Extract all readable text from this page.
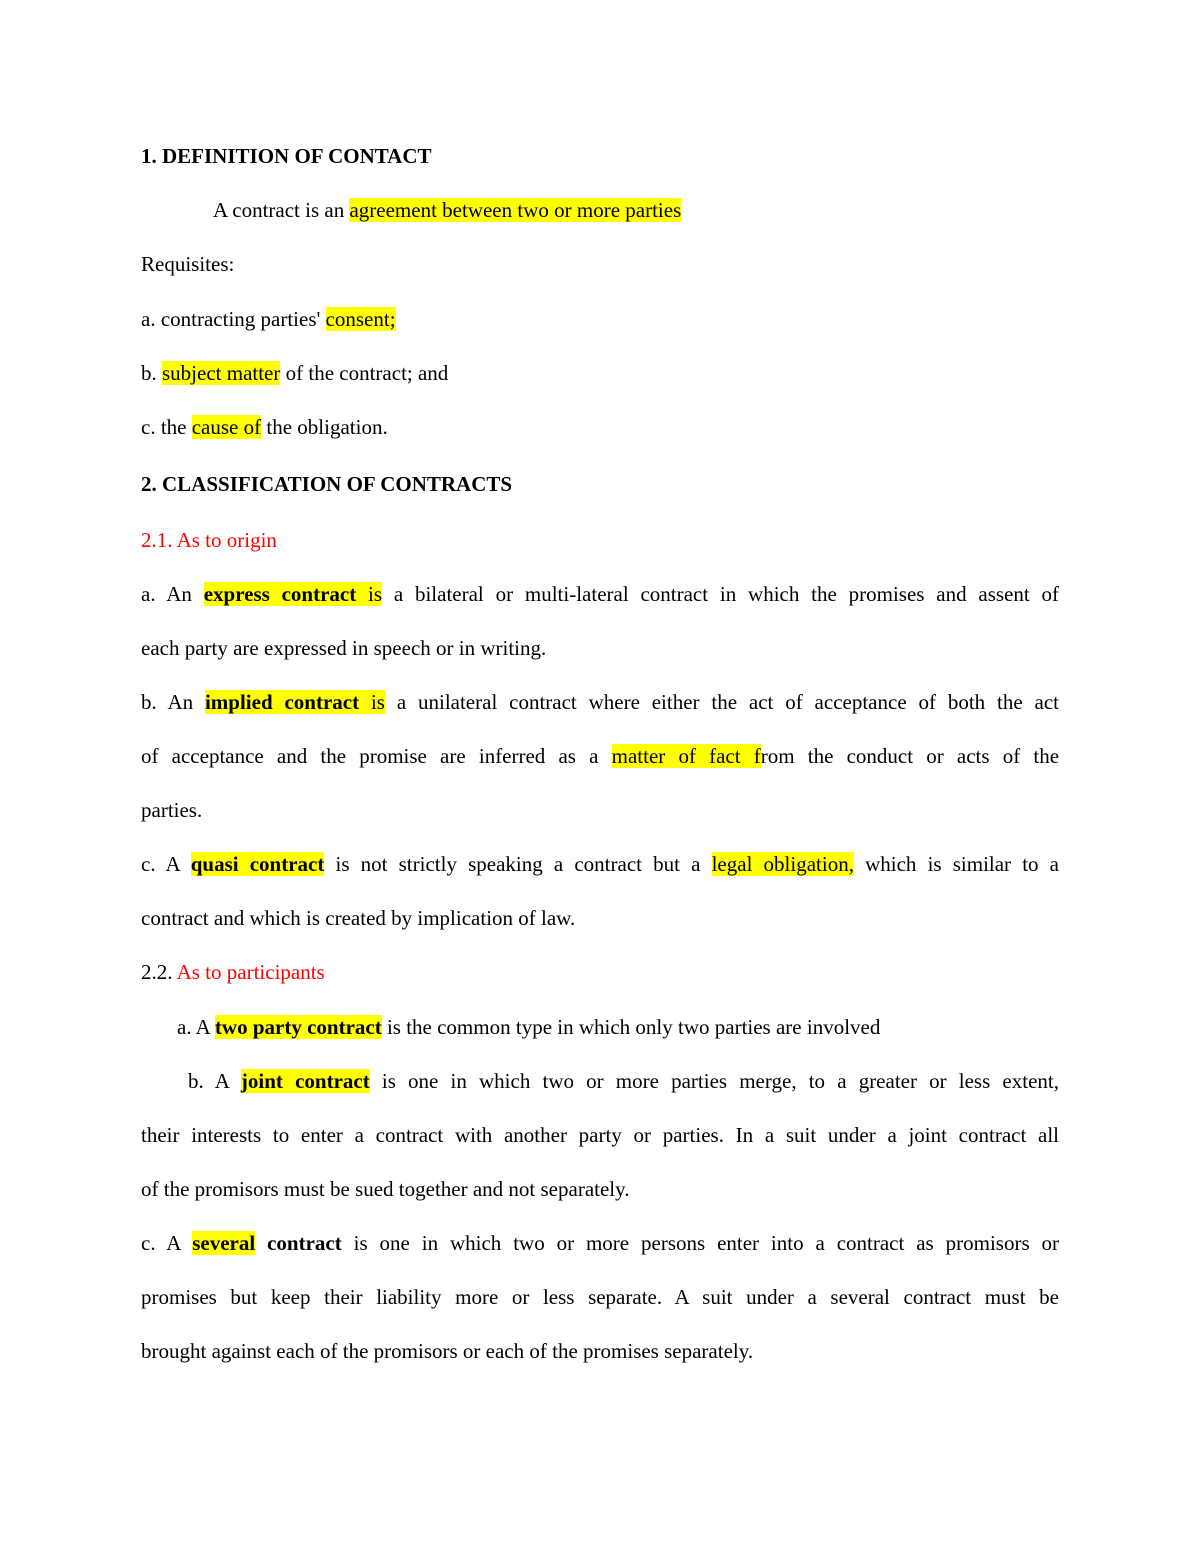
1. DEFINITION OF CONTACT
A contract is an agreement between two or more parties
Requisites:
a. contracting parties' consent;
b. subject matter of the contract; and
c. the cause of the obligation.
2. CLASSIFICATION OF CONTRACTS
2.1. As to origin
a. An express contract is a bilateral or multi-lateral contract in which the promises and assent of
each party are expressed in speech or in writing.
b. An implied contract is a unilateral contract where either the act of acceptance of both the act
of acceptance and the promise are inferred as a matter of fact from the conduct or acts of the
parties.
c. A quasi contract is not strictly speaking a contract but a legal obligation, which is similar to a
contract and which is created by implication of law.
2.2. As to participants
a. A two party contract is the common type in which only two parties are involved
b. A joint contract is one in which two or more parties merge, to a greater or less extent,
their interests to enter a contract with another party or parties. In a suit under a joint contract all
of the promisors must be sued together and not separately.
c. A several contract is one in which two or more persons enter into a contract as promisors or
promises but keep their liability more or less separate. A suit under a several contract must be
brought against each of the promisors or each of the promises separately.
